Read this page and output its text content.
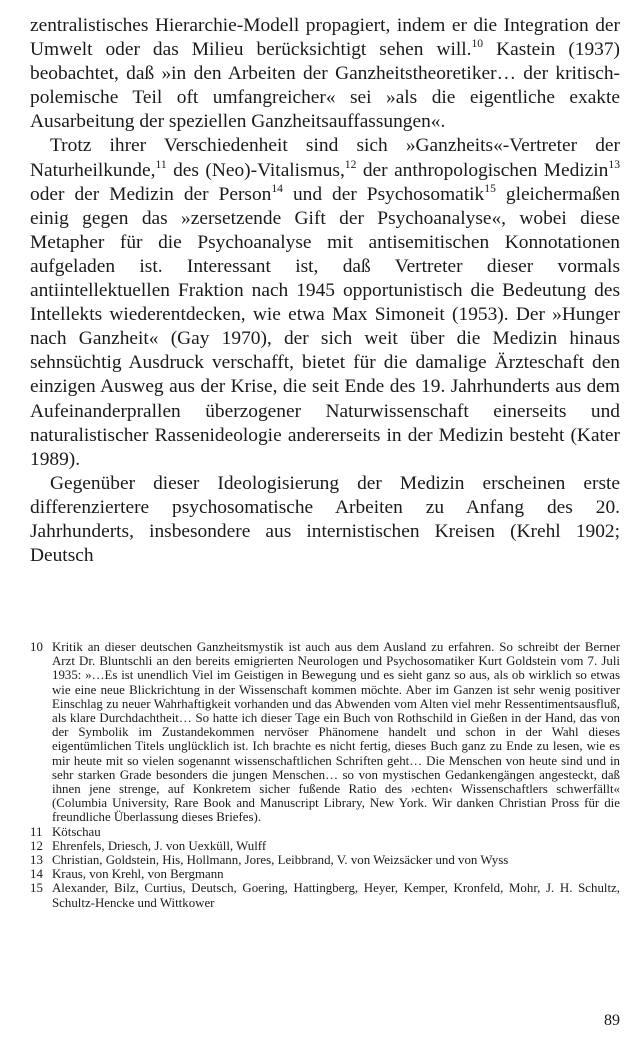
zentralistisches Hierarchie-Modell propagiert, indem er die Integration der Umwelt oder das Milieu berücksichtigt sehen will.$^{10}$ Kastein (1937) beobachtet, daß »in den Arbeiten der Ganzheitstheoretiker… der kritisch-polemische Teil oft umfangreicher« sei »als die eigentliche exakte Ausarbeitung der speziellen Ganzheitsauffassungen«.

Trotz ihrer Verschiedenheit sind sich »Ganzheits«-Vertreter der Naturheilkunde,$^{11}$ des (Neo)-Vitalismus,$^{12}$ der anthropologischen Medizin$^{13}$ oder der Medizin der Person$^{14}$ und der Psychosomatik$^{15}$ gleichermaßen einig gegen das »zersetzende Gift der Psychoanalyse«, wobei diese Metapher für die Psychoanalyse mit antisemitischen Konnotationen aufgeladen ist. Interessant ist, daß Vertreter dieser vormals antiintellektuellen Fraktion nach 1945 opportunistisch die Bedeutung des Intellekts wiederentdecken, wie etwa Max Simoneit (1953). Der »Hunger nach Ganzheit« (Gay 1970), der sich weit über die Medizin hinaus sehnsüchtig Ausdruck verschafft, bietet für die damalige Ärzteschaft den einzigen Ausweg aus der Krise, die seit Ende des 19. Jahrhunderts aus dem Aufeinanderprallen überzogener Naturwissenschaft einerseits und naturalistischer Rassenideologie andererseits in der Medizin besteht (Kater 1989).

Gegenüber dieser Ideologisierung der Medizin erscheinen erste differenziertere psychosomatische Arbeiten zu Anfang des 20. Jahrhunderts, insbesondere aus internistischen Kreisen (Krehl 1902; Deutsch

10 Kritik an dieser deutschen Ganzheitsmystik ist auch aus dem Ausland zu erfahren. So schreibt der Berner Arzt Dr. Bluntschli an den bereits emigrierten Neurologen und Psychosomatiker Kurt Goldstein vom 7. Juli 1935: »…Es ist unendlich Viel im Geistigen in Bewegung und es sieht ganz so aus, als ob wirklich so etwas wie eine neue Blickrichtung in der Wissenschaft kommen möchte. Aber im Ganzen ist sehr wenig positiver Einschlag zu neuer Wahrhaftigkeit vorhanden und das Abwenden vom Alten viel mehr Ressentimentsausfluß, als klare Durchdachtheit… So hatte ich dieser Tage ein Buch von Rothschild in Gießen in der Hand, das von der Symbolik im Zustandekommen nervöser Phänomene handelt und schon in der Wahl dieses eigentümlichen Titels unglücklich ist. Ich brachte es nicht fertig, dieses Buch ganz zu Ende zu lesen, wie es mir heute mit so vielen sogenannt wissenschaftlichen Schriften geht… Die Menschen von heute sind und in sehr starken Grade besonders die jungen Menschen… so von mystischen Gedankengängen angesteckt, daß ihnen jene strenge, auf Konkretem sicher fußende Ratio des ›echten‹ Wissenschaftlers schwerfällt« (Columbia University, Rare Book and Manuscript Library, New York. Wir danken Christian Pross für die freundliche Überlassung dieses Briefes).
11 Kötschau
12 Ehrenfels, Driesch, J. von Uexküll, Wulff
13 Christian, Goldstein, His, Hollmann, Jores, Leibbrand, V. von Weizsäcker und von Wyss
14 Kraus, von Krehl, von Bergmann
15 Alexander, Bilz, Curtius, Deutsch, Goering, Hattingberg, Heyer, Kemper, Kronfeld, Mohr, J. H. Schultz, Schultz-Hencke und Wittkower
89
